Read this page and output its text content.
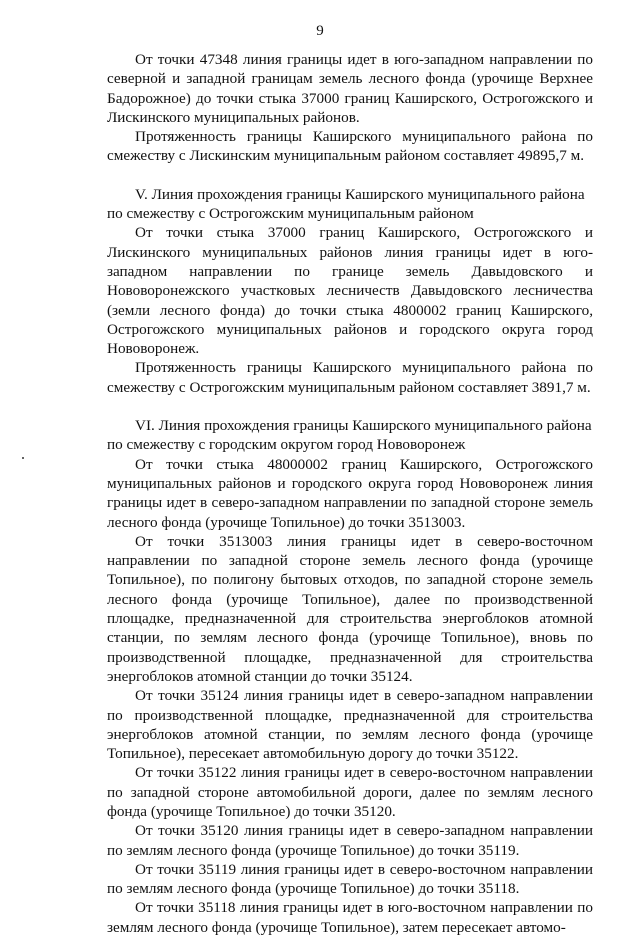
9

От точки 47348 линия границы идет в юго-западном направлении по северной и западной границам земель лесного фонда (урочище Верхнее Бадорожное) до точки стыка 37000 границ Каширского, Острогожского и Лискинского муниципальных районов.

Протяженность границы Каширского муниципального района по смежеству с Лискинским муниципальным районом составляет 49895,7 м.

V. Линия прохождения границы Каширского муниципального района по смежеству с Острогожским муниципальным районом

От точки стыка 37000 границ Каширского, Острогожского и Лискинского муниципальных районов линия границы идет в юго-западном направлении по границе земель Давыдовского и Нововоронежского участковых лесничеств Давыдовского лесничества (земли лесного фонда) до точки стыка 4800002 границ Каширского, Острогожского муниципальных районов и городского округа город Нововоронеж.

Протяженность границы Каширского муниципального района по смежеству с Острогожским муниципальным районом составляет 3891,7 м.

VI. Линия прохождения границы Каширского муниципального района по смежеству с городским округом город Нововоронеж

От точки стыка 48000002 границ Каширского, Острогожского муниципальных районов и городского округа город Нововоронеж линия границы идет в северо-западном направлении по западной стороне земель лесного фонда (урочище Топильное) до точки 3513003.

От точки 3513003 линия границы идет в северо-восточном направлении по западной стороне земель лесного фонда (урочище Топильное), по полигону бытовых отходов, по западной стороне земель лесного фонда (урочище Топильное), далее по производственной площадке, предназначенной для строительства энергоблоков атомной станции, по землям лесного фонда (урочище Топильное), вновь по производственной площадке, предназначенной для строительства энергоблоков атомной станции до точки 35124.

От точки 35124 линия границы идет в северо-западном направлении по производственной площадке, предназначенной для строительства энергоблоков атомной станции, по землям лесного фонда (урочище Топильное), пересекает автомобильную дорогу до точки 35122.

От точки 35122 линия границы идет в северо-восточном направлении по западной стороне автомобильной дороги, далее по землям лесного фонда (урочище Топильное) до точки 35120.

От точки 35120 линия границы идет в северо-западном направлении по землям лесного фонда (урочище Топильное) до точки 35119.

От точки 35119 линия границы идет в северо-восточном направлении по землям лесного фонда (урочище Топильное) до точки 35118.

От точки 35118 линия границы идет в юго-восточном направлении по землям лесного фонда (урочище Топильное), затем пересекает автомо-
